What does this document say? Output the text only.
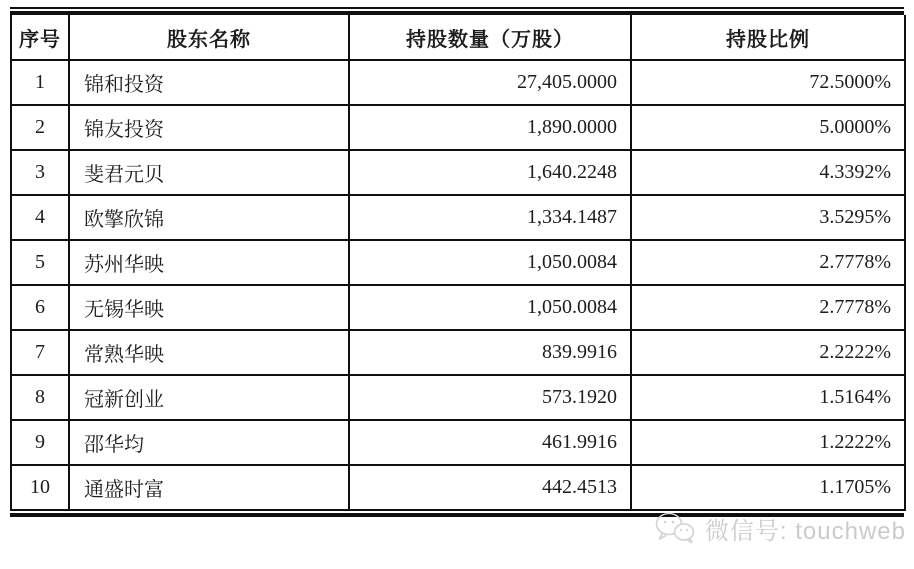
序号	股东名称	持股数量（万股）	持股比例
1	锦和投资	27,405.0000	72.5000%
2	锦友投资	1,890.0000	5.0000%
3	斐君元贝	1,640.2248	4.3392%
4	欧擎欣锦	1,334.1487	3.5295%
5	苏州华映	1,050.0084	2.7778%
6	无锡华映	1,050.0084	2.7778%
7	常熟华映	839.9916	2.2222%
8	冠新创业	573.1920	1.5164%
9	邵华均	461.9916	1.2222%
10	通盛时富	442.4513	1.1705%
微信号: touchweb
